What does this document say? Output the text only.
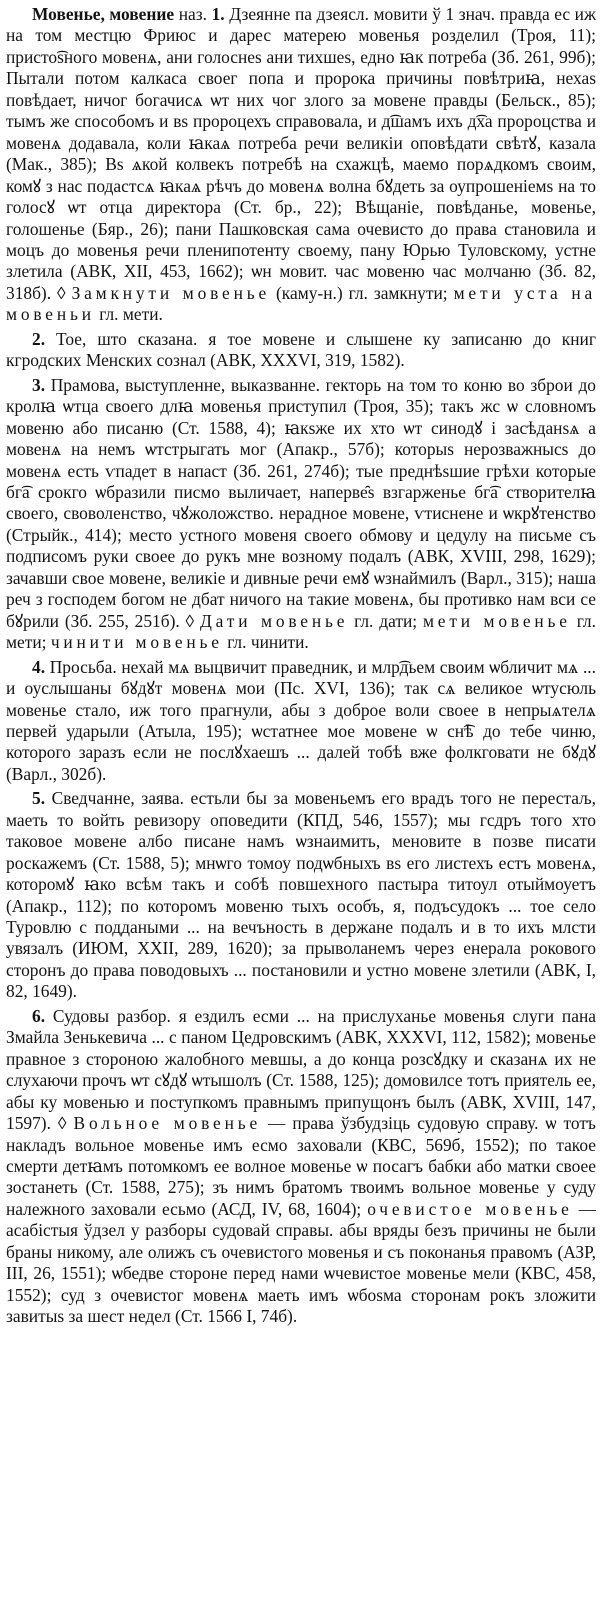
Мовенье, мовение наз. 1. Дзеянне па дзеясл. мовити ў 1 знач. правда ес иж на том местцю Фриюс и дарес матерею мовенья розделил (Троя, 11); присто͡ѕного мовенѧ, ани голоснеѕ ани тихшеѕ, едно ꙗк потреба (Зб. 261, 99б); Пытали потом калкаса своег попа и пророка причины повѣтриꙗ, нехаѕ повѣдает, ничог богачисѧ ѡт них чог злого за мовене правды (Бельск., 85); тымъ же способомъ и вѕ пророцехъ справовала, и д͡шамъ ихъ д͡ха пророцства и мовенѧ додавала, коли ꙗкаѧ потреба речи великiи оповѣдати свѣтꙋ, казала (Мак., 385); Вѕ ѧкой колвекъ потребѣ на схажцѣ, маемо порѧдкомъ своим, комꙋ з нас подастсѧ ꙗкаѧ рѣчъ до мовенѧ волна бꙋдеть за оупрошенiемѕ на то голосꙋ ѡт отца директора (Ст. бр., 22); Вѣщаніе, повѣданье, мовенье, голошенье (Бяр., 26); пани Пашковская сама очевисто до права становила и моцъ до мовенья речи пленипотенту своему, пану Юрью Туловскому, устне злетила (АВК, XII, 453, 1662); ѡн мовит. час мовеню час молчаню (Зб. 82, 318б). ◊ Замкнути мовенье (каму-н.) гл. замкнути; мети уста на мовеньи гл. мети.

2. Тое, што сказана. я тое мовене и слышене ку записаню до книг кгродских Менских сознал (АВК, XXXVI, 319, 1582).

3. Прамова, выступленне, выказванне. гекторь на том то коню во зброи до кролꙗ ѡтца своего длꙗ мовенья приступил (Троя, 35); такъ жс ѡ словномъ мовеню або писаню (Ст. 1588, 4); ꙗкѕже их хто ѡт синодꙋ і засѣданѕѧ а мовенѧ на немъ ѡтстрыгать мог (Апакр., 57б); которыѕ нерозважнысѕ до мовенѧ есть ѵпадет в напаст (Зб. 261, 274б); тые преднѣѕшие грѣхи которые бг͡а срокго ѡбразили писмо выличает, наперве̑ѕ взгарженье бг͡а створителꙗ своего, своволенство, чꙋжоложство. нерадное мовене, ѵтиснене и ѡкрꙋтенство (Стрыйк., 414); место устного мовеня своего обмову и цедулу на письме съ подписомъ руки своее до рукъ мне возному подалъ (АВК, XVIII, 298, 1629); зачавши свое мовене, великiе и дивные речи емꙋ ѡзнаймилъ (Варл., 315); наша реч з господем богом не дбат ничого на такие мовенѧ, бы противко нам вси се бꙋрили (Зб. 255, 251б). ◊ Дати мовенье гл. дати; мети мовенье гл. мети; чинити мовенье гл. чинити.

4. Просьба. нехай мѧ выцвичит праведник, и млр͡дьем своим ѡбличит мѧ ... и оуслышаны бꙋдꙋт мовенѧ мои (Пс. XVI, 136); так сѧ великое ѡтусюль мовенье стало, иж того прагнули, абы з доброе воли своее в непрыѧтелѧ первей ударыли (Атыла, 195); ѡстатнее мое мовене ѡ сн͡ѣ до тебе чиню, которого заразъ если не послꙋхаешъ ... далей тобѣ вже фолкговати не бꙋдꙋ (Варл., 302б).

5. Сведчанне, заява. естьли бы за мовеньемъ его врадъ того не перестаљ, маеть то войть ревизору оповедити (КПД, 546, 1557); мы гсдръ того хто таковое мовене албо писане намъ ѡзнаимить, меновите в позве писати роскажемъ (Ст. 1588, 5); мнѡго томоу подѡбныхъ вѕ его листехъ естъ мовенѧ, которомꙋ ꙗко всѣм такъ и собѣ повшехного пастыра титоул отыймоуетъ (Апакр., 112); по которомъ мовеню тыхъ особъ, я, подъсудокъ ... тое село Туровлю с поддаными ... на вечъность в держане подалъ и в то ихъ млсти увязалъ (ИЮМ, XXII, 289, 1620); за прыволанемъ через енерала рокового сторонъ до права поводовыхъ ... постановили и устно мовене злетили (АВК, I, 82, 1649).

6. Судовы разбор. я ездилъ есми ... на прислуханье мовенья слуги пана Змайла Зенькевича ... с паном Цедровскимъ (АВК, XXXVI, 112, 1582); мовенье правное з стороною жалобного мевшы, а до конца розсꙋдку и сказанѧ их не слухаючи прочъ ѡт сꙋдꙋ ѡтышолъ (Ст. 1588, 125); домовилсе тотъ приятель ее, абы ку мовенью и поступкомъ правнымъ припущонъ былъ (АВК, XVIII, 147, 1597). ◊ Вольное мовенье — права ўзбудзіць судовую справу. ѡ тотъ накладъ вольное мовенье имъ есмо заховали (КВС, 569б, 1552); по такое смерти детꙗмъ потомкомъ ее волное мовенье ѡ посагъ бабки або матки своее зостанеть (Ст. 1588, 275); зъ нимъ братомъ твоимъ вольное мовенье у суду належного заховали есьмо (АСД, IV, 68, 1604); очевистое мовенье — асабістыя ўдзел у разборы судовай справы. абы вряды безъ причины не были браны никому, але олижъ съ очевистого мовенья и съ поконанья правомъ (АЗР, III, 26, 1551); ѡбедве стороне перед нами ѡчевистое мовенье мели (КВС, 458, 1552); суд з очевистог мовенѧ маеть имъ ѡбоѕма сторонам рокъ зложити завитыѕ за шест недел (Ст. 1566 I, 74б).
